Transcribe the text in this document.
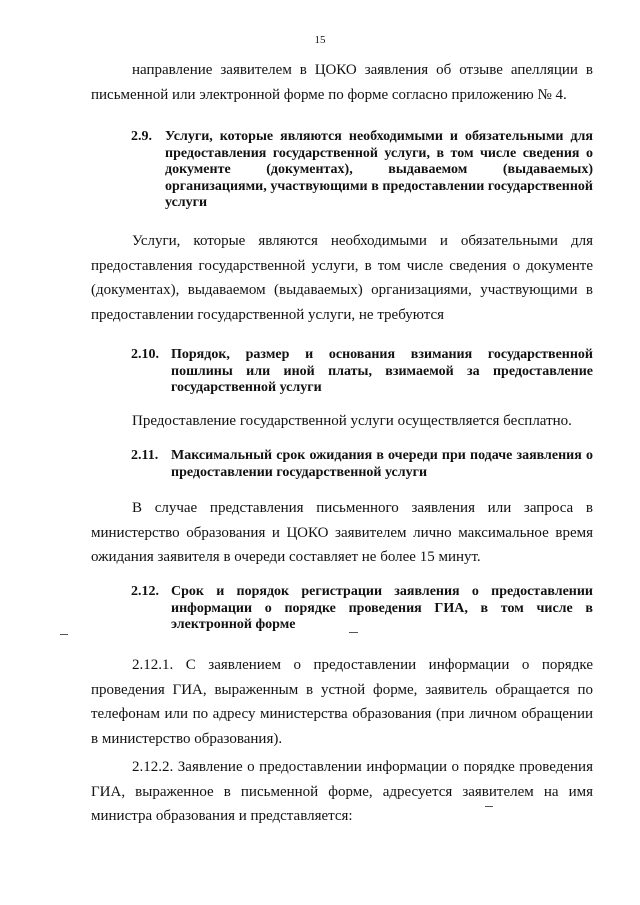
15

направление заявителем в ЦОКО заявления об отзыве апелляции в письменной или электронной форме по форме согласно приложению № 4.

2.9. Услуги, которые являются необходимыми и обязательными для предоставления государственной услуги, в том числе сведения о документе (документах), выдаваемом (выдаваемых) организациями, участвующими в предоставлении государственной услуги

Услуги, которые являются необходимыми и обязательными для предоставления государственной услуги, в том числе сведения о документе (документах), выдаваемом (выдаваемых) организациями, участвующими в предоставлении государственной услуги, не требуются

2.10. Порядок, размер и основания взимания государственной пошлины или иной платы, взимаемой за предоставление государственной услуги

Предоставление государственной услуги осуществляется бесплатно.

2.11. Максимальный срок ожидания в очереди при подаче заявления о предоставлении государственной услуги

В случае представления письменного заявления или запроса в министерство образования и ЦОКО заявителем лично максимальное время ожидания заявителя в очереди составляет не более 15 минут.

2.12. Срок и порядок регистрации заявления о предоставлении информации о порядке проведения ГИА, в том числе в электронной форме

2.12.1. С заявлением о предоставлении информации о порядке проведения ГИА, выраженным в устной форме, заявитель обращается по телефонам или по адресу министерства образования (при личном обращении в министерство образования).

2.12.2. Заявление о предоставлении информации о порядке проведения ГИА, выраженное в письменной форме, адресуется заявителем на имя министра образования и представляется:
